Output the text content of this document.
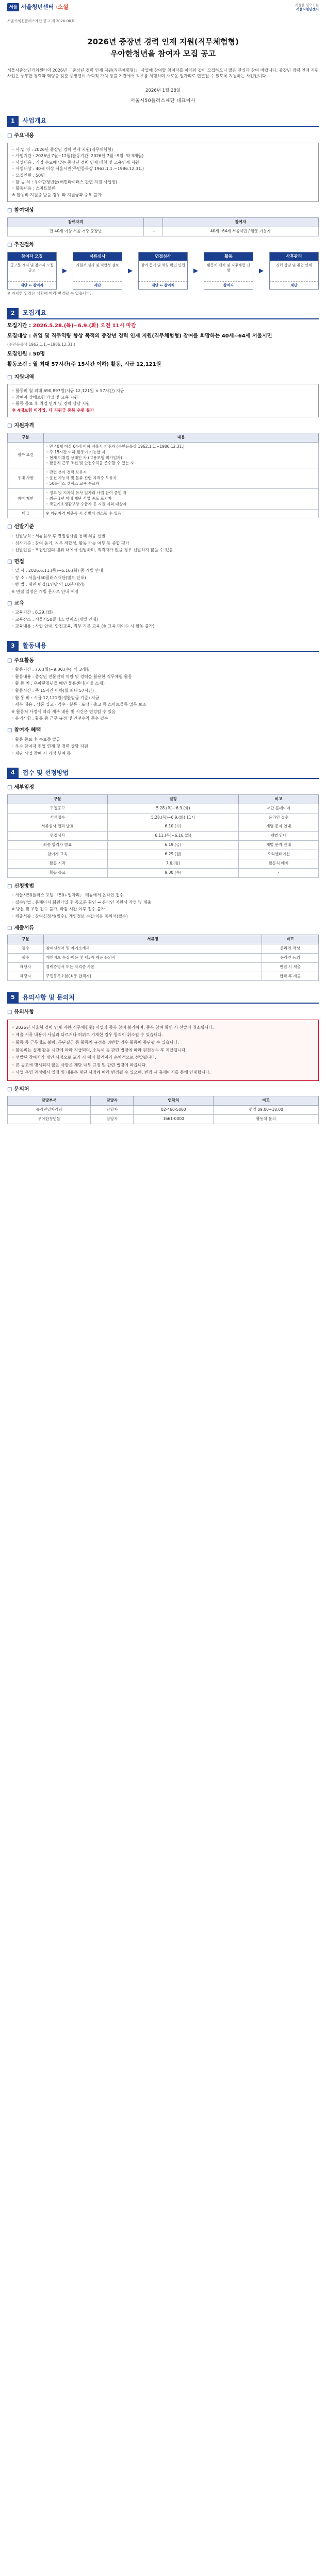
서울 서울청년센터 ·소셜	서울을 일으키는
서울시청년센터
서울커넥션플러스재단 공고 제 2026-00호
2026년 중장년 경력 인재 지원(직무체험형)
우아한청년을 참여자 모집 공고

서울시중장년가치센터의 2026년 「중장년 경력 인재 지원(직무체험형)」 사업에 참여할 참여자를 아래와 같이 모집하오니 많은 관심과 참여 바랍니다. 중장년 경력 인재 지원 사업은 풍부한 경력과 역량을 갖춘 중장년이 사회적 가치 창출 기관에서 직무를 체험하며 새로운 일자리로 연결될 수 있도록 지원하는 사업입니다.

2026년 1월 28일
서울시50플러스재단 대표이사
1	사업개요
□ 주요내용
◦ 사 업 명 : 2026년 중장년 경력 인재 지원(직무체험형)
◦ 사업기간 : 2026년 7월~12월(활동기간: 2026년 7월~9월, 약 3개월)
◦ 사업내용 : 기업 수요에 맞는 중장년 경력 인재 매칭 및 고용연계 지원
◦ 사업대상 : 40세 이상 서울시민(주민등록상 1962.1.1.~1986.12.31.)
◦ 모집인원 : 50명
◦ 활 동 처 : 우아한청년들(배민라이더스 관련 지원 사업장)
◦ 활동내용 : 스마트물류
※ 활동비 지원을 받을 경우 타 지원금과 중복 불가
□ 참여대상
참여자격		참여자
만 40세 이상 서울 거주 중장년	→	40세~64세 서울시민 / 활동 가능자
□ 추진절차
참여자 모집
공고문 게시 및 참여자 모집 공고
재단 ↔ 참여자
▶
서류심사
지원서 심사 및 적합성 검토
재단
▶
면접심사
참여 동기 및 역량 확인 면접
재단 ↔ 참여처
▶
활동
활동처 배치 및 직무체험 진행
참여자
▶
사후관리
경력 상담 및 취업 연계
재단
※ 자세한 일정은 상황에 따라 변경될 수 있습니다.
2	모집개요
모집기간 : 2026.5.28.(목)~6.9.(화) 오전 11시 마감
모집대상 : 취업 및 직무역량 향상 목적의 중장년 경력 인재 지원(직무체험형) 참여를 희망하는 40세~64세 서울시민
(주민등록상 1962.1.1.~1986.12.31.)
모집인원 : 50명
활동조건 : 월 최대 57시간(주 15시간 이하) 활동, 시급 12,121원
□ 지원내역
◦ 활동비 월 최대 690,897원(시급 12,121원 × 57시간) 지급
◦ 참여자 상해보험 가입 및 교육 지원
◦ 활동 종료 후 취업 연계 및 경력 상담 지원
※ 4대보험 미가입, 타 지원금 중복 수령 불가
□ 지원자격
구분	내용
필수 요건	◦ 만 40세 이상 64세 이하 서울시 거주자 (주민등록상 1962.1.1.~1986.12.31.)
◦ 주 15시간 이하 활동이 가능한 자
◦ 현재 미취업 상태인 자 (고용보험 미가입자)
◦ 활동처 근무 조건 및 안전수칙을 준수할 수 있는 자
우대 사항	◦ 관련 분야 경력 보유자
◦ 운전 가능자 및 물류 관련 자격증 보유자
◦ 50플러스 캠퍼스 교육 수료자
참여 제한	◦ 정부 및 지자체 유사 일자리 사업 참여 중인 자
◦ 최근 1년 이내 재단 사업 중도 포기자
◦ 국민기초생활보장 수급자 등 지원 제외 대상자
비고	※ 지원자격 미충족 시 선발이 취소될 수 있음
□ 선발기준
◦ 선발방식 : 서류심사 후 면접심사를 통해 최종 선발
◦ 심사기준 : 참여 동기, 직무 적합성, 활동 가능 여부 등 종합 평가
◦ 선발인원 : 모집인원의 범위 내에서 선발하며, 적격자가 없을 경우 선발하지 않을 수 있음
□ 면접
◦ 일 시 : 2026.6.11.(목)~6.16.(화) 중 개별 안내
◦ 장 소 : 서울시50플러스재단(별도 안내)
◦ 방 법 : 대면 면접(1인당 약 10분 내외)
※ 면접 일정은 개별 문자로 안내 예정
□ 교육
◦ 교육기간 : 6.29.(월)
◦ 교육장소 : 서울시50플러스 캠퍼스(개별 안내)
◦ 교육내용 : 사업 안내, 안전교육, 직무 기본 교육 (※ 교육 미이수 시 활동 불가)
3	활동내용
□ 주요활동
◦ 활동기간 : 7.6.(월)~9.30.(수), 약 3개월
◦ 활동내용 : 중장년 전문인력 역량 및 경력을 활용한 직무체험 활동
◦ 활 동 처 : 우아한청년들 배민 물류센터(서울 소재)
◦ 활동시간 : 주 15시간 이하(월 최대 57시간)
◦ 활 동 비 : 시급 12,121원(생활임금 기준) 지급
◦ 세부 내용 : 상품 입고 · 검수 · 분류 · 포장 · 출고 등 스마트물류 업무 보조
※ 활동처 사정에 따라 세부 내용 및 시간은 변경될 수 있음
◦ 유의사항 : 활동 중 근무 규정 및 안전수칙 준수 필수
□ 참여자 혜택
◦ 활동 종료 후 수료증 발급
◦ 우수 참여자 취업 연계 및 경력 상담 지원
◦ 재단 사업 참여 시 가점 부여 등
4	접수 및 선정방법
□ 세부일정
구분	일정	비고
모집공고	5.28.(목)~6.9.(화)	재단 홈페이지
서류접수	5.28.(목)~6.9.(화) 11시	온라인 접수
서류심사 결과 발표	6.10.(수)	개별 문자 안내
면접심사	6.11.(목)~6.16.(화)	개별 안내
최종 합격자 발표	6.19.(금)	개별 문자 안내
참여자 교육	6.29.(월)	오리엔테이션
활동 시작	7.6.(월)	활동처 배치
활동 종료	9.30.(수)	-
□ 신청방법
◦ 서울시50플러스 포털 「50+일자리」 메뉴에서 온라인 접수
◦ 접수방법 : 홈페이지 회원가입 후 공고문 확인 → 온라인 지원서 작성 및 제출
※ 방문 및 우편 접수 불가, 마감 시간 이후 접수 불가
◦ 제출서류 : 참여신청서(필수), 개인정보 수집·이용 동의서(필수)
□ 제출서류
구분	서류명	비고
필수	참여신청서 및 자기소개서	온라인 작성
필수	개인정보 수집·이용 및 제3자 제공 동의서	온라인 동의
해당자	경력증명서 또는 자격증 사본	면접 시 제출
해당자	주민등록초본(최종 합격자)	합격 후 제출
5	유의사항 및 문의처
□ 유의사항
◦ 2026년 서울형 경력 인재 지원(직무체험형) 사업과 중복 참여 불가하며, 중복 참여 확인 시 선발이 취소됩니다.
◦ 제출 서류 내용이 사실과 다르거나 허위로 기재한 경우 합격이 취소될 수 있습니다.
◦ 활동 중 근무태도 불량, 무단결근 등 활동처 규정을 위반할 경우 활동이 중단될 수 있습니다.
◦ 활동비는 실제 활동 시간에 따라 지급되며, 소득세 등 관련 법령에 따라 원천징수 후 지급됩니다.
◦ 선발된 참여자가 개인 사정으로 포기 시 예비 합격자가 순차적으로 선발됩니다.
◦ 본 공고에 명시되지 않은 사항은 재단 내부 규정 및 관련 법령에 따릅니다.
◦ 사업 운영 과정에서 일정 및 내용은 재단 사정에 따라 변경될 수 있으며, 변경 시 홈페이지를 통해 안내합니다.
□ 문의처
담당부서	담당자	연락처	비고
중장년일자리팀	담당자	02-460-5000	평일 09:00~18:00
우아한청년들	담당자	1661-0000	활동처 문의
